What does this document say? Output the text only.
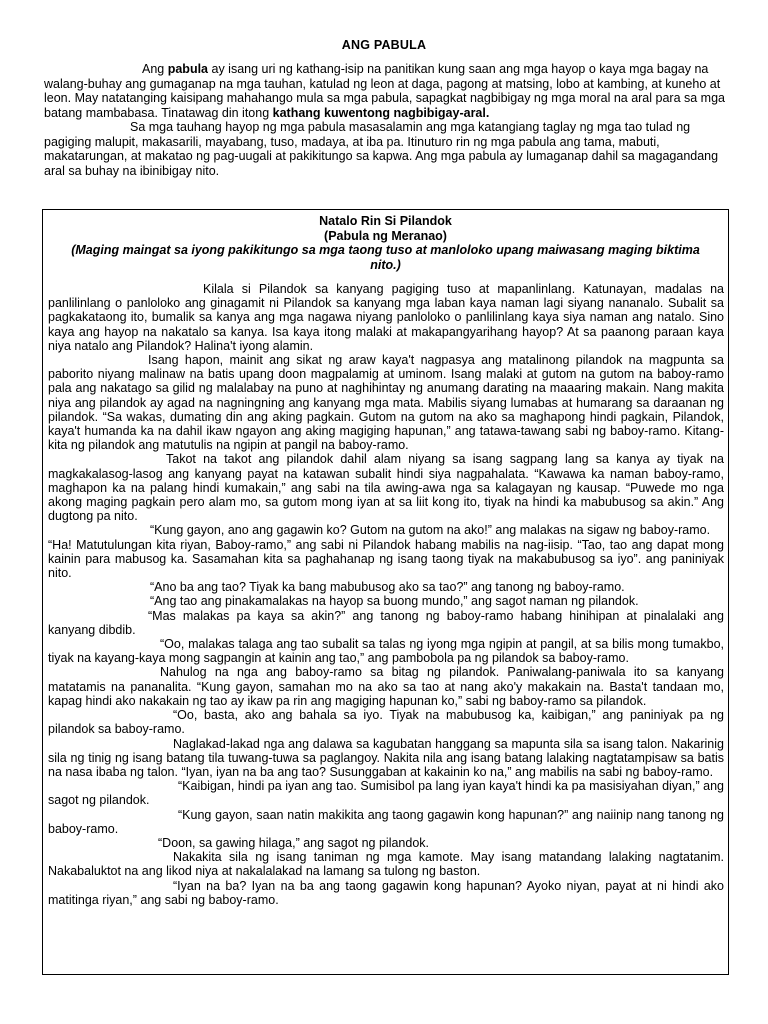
ANG PABULA

Ang pabula ay isang uri ng kathang-isip na panitikan kung saan ang mga hayop o kaya mga bagay na walang-buhay ang gumaganap na mga tauhan, katulad ng leon at daga, pagong at matsing, lobo at kambing, at kuneho at leon. May natatanging kaisipang mahahango mula sa mga pabula, sapagkat nagbibigay ng mga moral na aral para sa mga batang mambabasa. Tinatawag din itong kathang kuwentong nagbibigay-aral.

Sa mga tauhang hayop ng mga pabula masasalamin ang mga katangiang taglay ng mga tao tulad ng pagiging malupit, makasarili, mayabang, tuso, madaya, at iba pa. Itinuturo rin ng mga pabula ang tama, mabuti, makatarungan, at makatao ng pag-uugali at pakikitungo sa kapwa. Ang mga pabula ay lumaganap dahil sa magagandang aral sa buhay na ibinibigay nito.

Natalo Rin Si Pilandok
(Pabula ng Meranao)
(Maging maingat sa iyong pakikitungo sa mga taong tuso at manloloko upang maiwasang maging biktima nito.)

Kilala si Pilandok sa kanyang pagiging tuso at mapanlinlang. Katunayan, madalas na panlilinlang o panloloko ang ginagamit ni Pilandok sa kanyang mga laban kaya naman lagi siyang nananalo. Subalit sa pagkakataong ito, bumalik sa kanya ang mga nagawa niyang panloloko o panlilinlang kaya siya naman ang natalo. Sino kaya ang hayop na nakatalo sa kanya. Isa kaya itong malaki at makapangyarihang hayop? At sa paanong paraan kaya niya natalo ang Pilandok? Halina't iyong alamin.

Isang hapon, mainit ang sikat ng araw kaya't nagpasya ang matalinong pilandok na magpunta sa paborito niyang malinaw na batis upang doon magpalamig at uminom. Isang malaki at gutom na gutom na baboy-ramo pala ang nakatago sa gilid ng malalabay na puno at naghihintay ng anumang darating na maaaring makain. Nang makita niya ang pilandok ay agad na nagningning ang kanyang mga mata. Mabilis siyang lumabas at humarang sa daraanan ng pilandok. “Sa wakas, dumating din ang aking pagkain. Gutom na gutom na ako sa maghapong hindi pagkain, Pilandok, kaya't humanda ka na dahil ikaw ngayon ang aking magiging hapunan,” ang tatawa-tawang sabi ng baboy-ramo. Kitang-kita ng pilandok ang matutulis na ngipin at pangil na baboy-ramo.

Takot na takot ang pilandok dahil alam niyang sa isang sagpang lang sa kanya ay tiyak na magkakalasog-lasog ang kanyang payat na katawan subalit hindi siya nagpahalata. “Kawawa ka naman baboy-ramo, maghapon ka na palang hindi kumakain,” ang sabi na tila awing-awa nga sa kalagayan ng kausap. “Puwede mo nga akong maging pagkain pero alam mo, sa gutom mong iyan at sa liit kong ito, tiyak na hindi ka mabubusog sa akin.” Ang dugtong pa nito.

“Kung gayon, ano ang gagawin ko? Gutom na gutom na ako!” ang malakas na sigaw ng baboy-ramo.

“Ha! Matutulungan kita riyan, Baboy-ramo,” ang sabi ni Pilandok habang mabilis na nag-iisip. “Tao, tao ang dapat mong kainin para mabusog ka. Sasamahan kita sa paghahanap ng isang taong tiyak na makabubusog sa iyo”. ang paniniyak nito.

“Ano ba ang tao? Tiyak ka bang mabubusog ako sa tao?” ang tanong ng baboy-ramo.

“Ang tao ang pinakamalakas na hayop sa buong mundo,” ang sagot naman ng pilandok.

“Mas malakas pa kaya sa akin?” ang tanong ng baboy-ramo habang hinihipan at pinalalaki ang kanyang dibdib.

“Oo, malakas talaga ang tao subalit sa talas ng iyong mga ngipin at pangil, at sa bilis mong tumakbo, tiyak na kayang-kaya mong sagpangin at kainin ang tao,” ang pambobola pa ng pilandok sa baboy-ramo.

Nahulog na nga ang baboy-ramo sa bitag ng pilandok. Paniwalang-paniwala ito sa kanyang matatamis na pananalita. “Kung gayon, samahan mo na ako sa tao at nang ako'y makakain na. Basta't tandaan mo, kapag hindi ako nakakain ng tao ay ikaw pa rin ang magiging hapunan ko,” sabi ng baboy-ramo sa pilandok.

“Oo, basta, ako ang bahala sa iyo. Tiyak na mabubusog ka, kaibigan,” ang paniniyak pa ng pilandok sa baboy-ramo.

Naglakad-lakad nga ang dalawa sa kagubatan hanggang sa mapunta sila sa isang talon. Nakarinig sila ng tinig ng isang batang tila tuwang-tuwa sa paglangoy. Nakita nila ang isang batang lalaking nagtatampisaw sa batis na nasa ibaba ng talon. “Iyan, iyan na ba ang tao? Susunggaban at kakainin ko na,” ang mabilis na sabi ng baboy-ramo.

“Kaibigan, hindi pa iyan ang tao. Sumisibol pa lang iyan kaya't hindi ka pa masisiyahan diyan,” ang sagot ng pilandok.

“Kung gayon, saan natin makikita ang taong gagawin kong hapunan?” ang naiinip nang tanong ng baboy-ramo.

“Doon, sa gawing hilaga,” ang sagot ng pilandok.

Nakakita sila ng isang taniman ng mga kamote. May isang matandang lalaking nagtatanim. Nakabaluktot na ang likod niya at nakalalakad na lamang sa tulong ng baston.

“Iyan na ba? Iyan na ba ang taong gagawin kong hapunan? Ayoko niyan, payat at ni hindi ako matitinga riyan,” ang sabi ng baboy-ramo.
